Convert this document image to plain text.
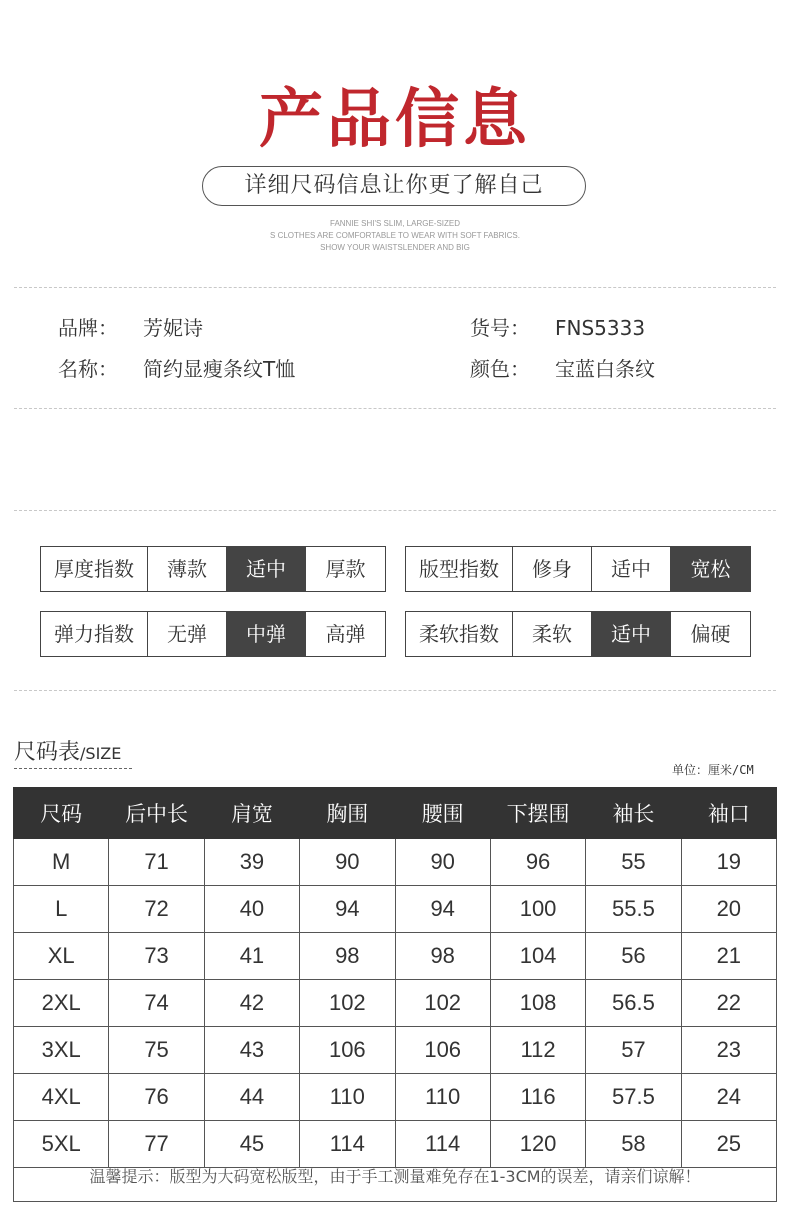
产品信息
详细尺码信息让你更了解自己
FANNIE SHI'S SLIM, LARGE-SIZED
S CLOTHES ARE COMFORTABLE TO WEAR WITH SOFT FABRICS.
SHOW YOUR WAISTSLENDER AND BIG
品牌： 芳妮诗	货号： FNS5333
名称： 简约显瘦条纹T恤	颜色： 宝蓝白条纹
厚度指数	薄款	适中	厚款	版型指数	修身	适中	宽松
弹力指数	无弹	中弹	高弹	柔软指数	柔软	适中	偏硬
尺码表/SIZE
单位：厘米/CM
尺码	后中长	肩宽	胸围	腰围	下摆围	袖长	袖口
M	71	39	90	90	96	55	19
L	72	40	94	94	100	55.5	20
XL	73	41	98	98	104	56	21
2XL	74	42	102	102	108	56.5	22
3XL	75	43	106	106	112	57	23
4XL	76	44	110	110	116	57.5	24
5XL	77	45	114	114	120	58	25
温馨提示：版型为大码宽松版型，由于手工测量难免存在1-3CM的误差，请亲们谅解！
